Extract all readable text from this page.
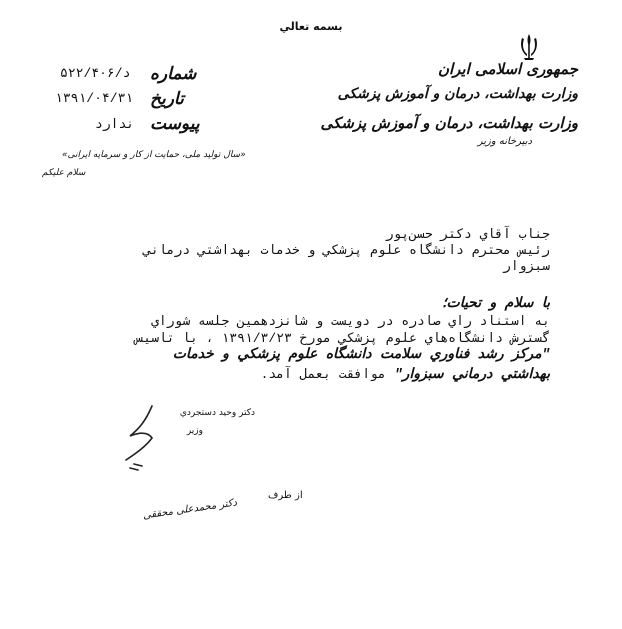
بسمه تعالي
جمهوری اسلامی ایران
وزارت بهداشت، درمان و آموزش پزشکی
وزارت بهداشت، درمان و آموزش پزشکی
دبیرخانه وزیر
شماره
د/۵۲۲/۴۰۶
تاریخ
۱۳۹۱/۰۴/۳۱
پیوست
ندارد
«سال تولید ملی، حمایت از کار و سرمایه ایرانی»
سلام علیکم
جناب آقاي دكتر حسن‌پور
رئيس محترم دانشگاه علوم پزشكي و خدمات بهداشتي درماني
سبزوار
با سلام و تحيات؛
به استناد راي صادره در دويست و شانزدهمين جلسه شوراي
گسترش دانشگاه‌هاي علوم پزشكي مورخ ۱۳۹۱/۳/۲۳ ، با تاسيس
"مركز رشد فناوري سلامت دانشگاه علوم پزشكي و خدمات
بهداشتي درماني سبزوار" موافقت بعمل آمد.
دكتر وحيد دستجردي
وزير
از طرف
دکتر محمدعلی محققی
